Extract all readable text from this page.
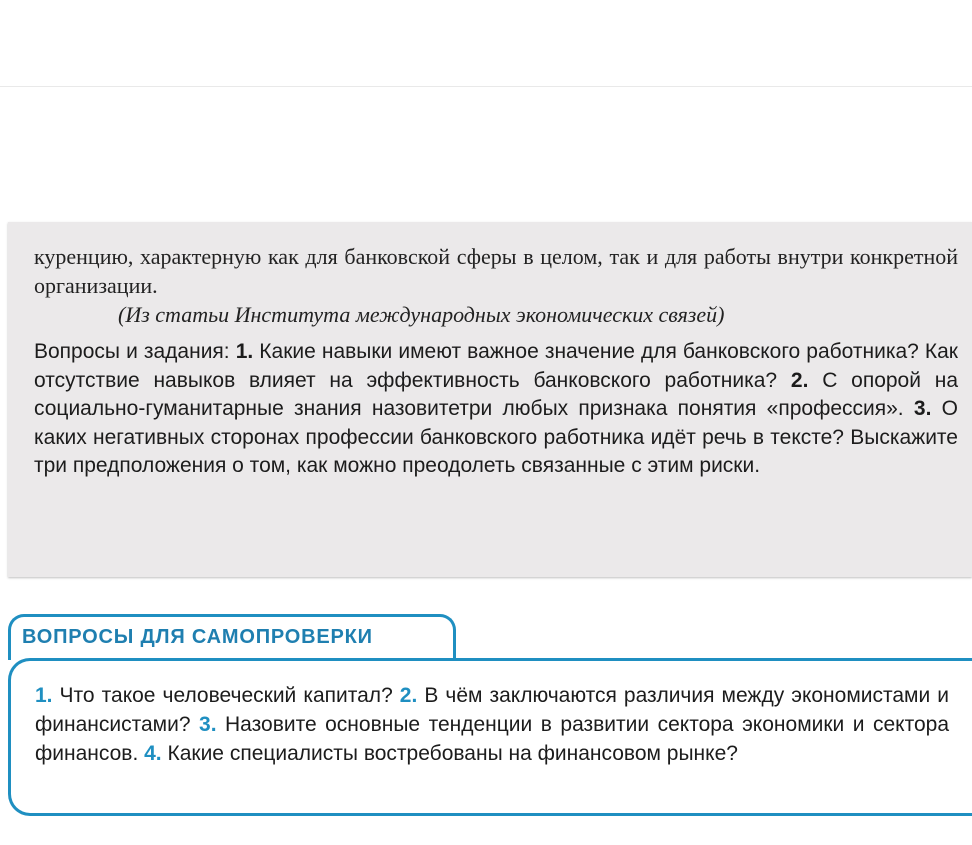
куренцию, характерную как для банковской сферы в целом, так и для работы внутри конкретной организации.
(Из статьи Института международных экономических связей)
Вопросы и задания: 1. Какие навыки имеют важное значение для банковского работника? Как отсутствие навыков влияет на эффективность банковского работника? 2. С опорой на социально-гуманитарные знания назовитетри любых признака понятия «профессия». 3. О каких негативных сторонах профессии банковского работника идёт речь в тексте? Выскажите три предположения о том, как можно преодолеть связанные с этим риски.
ВОПРОСЫ ДЛЯ САМОПРОВЕРКИ
1. Что такое человеческий капитал? 2. В чём заключаются различия между экономистами и финансистами? 3. Назовите основные тенденции в развитии сектора экономики и сектора финансов. 4. Какие специалисты востребованы на финансовом рынке?
